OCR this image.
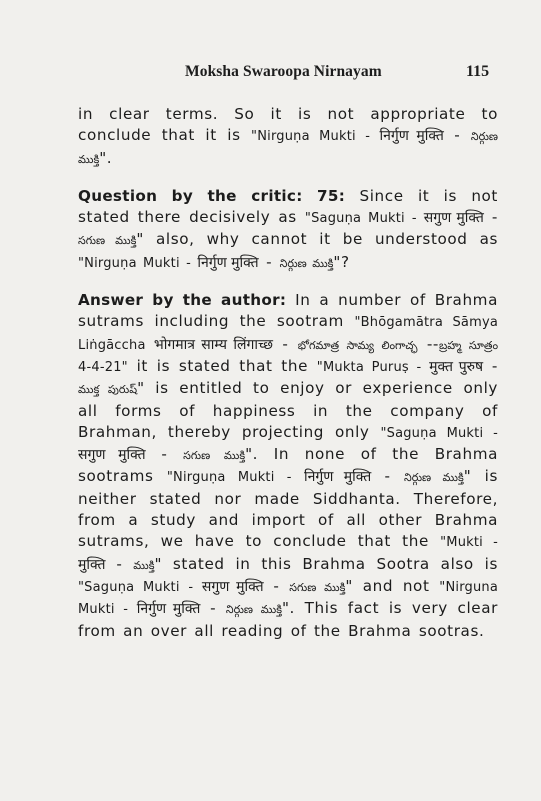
Moksha Swaroopa Nirnayam	115

in clear terms. So it is not appropriate to conclude that it is "Nirguṇa Mukti - निर्गुण मुक्ति - నిర్గుణ ముక్తి".

Question by the critic: 75: Since it is not stated there decisively as "Saguṇa Mukti - सगुण मुक्ति - సగుణ ముక్తి" also, why cannot it be understood as "Nirguṇa Mukti - निर्गुण मुक्ति - నిర్గుణ ముక్తి"?

Answer by the author: In a number of Brahma sutrams including the sootram "Bhōgamātra Sāmya Liṅgāccha भोगमात्र साम्य लिंगाच्छ - భోగమాత్ర సామ్య లింగాచ్ఛ --బ్రహ్మ సూత్రం 4-4-21" it is stated that the "Mukta Puruṣ - मुक्त पुरुष - ముక్త పురుష్" is entitled to enjoy or experience only all forms of happiness in the company of Brahman, thereby projecting only "Saguṇa Mukti - सगुण मुक्ति - సగుణ ముక్తి". In none of the Brahma sootrams "Nirguṇa Mukti - निर्गुण मुक्ति - నిర్గుణ ముక్తి" is neither stated nor made Siddhanta. Therefore, from a study and import of all other Brahma sutrams, we have to conclude that the "Mukti - मुक्ति - ముక్తి" stated in this Brahma Sootra also is "Saguṇa Mukti - सगुण मुक्ति - సగుణ ముక్తి" and not "Nirguna Mukti - निर्गुण मुक्ति - నిర్గుణ ముక్తి". This fact is very clear from an over all reading of the Brahma sootras.
